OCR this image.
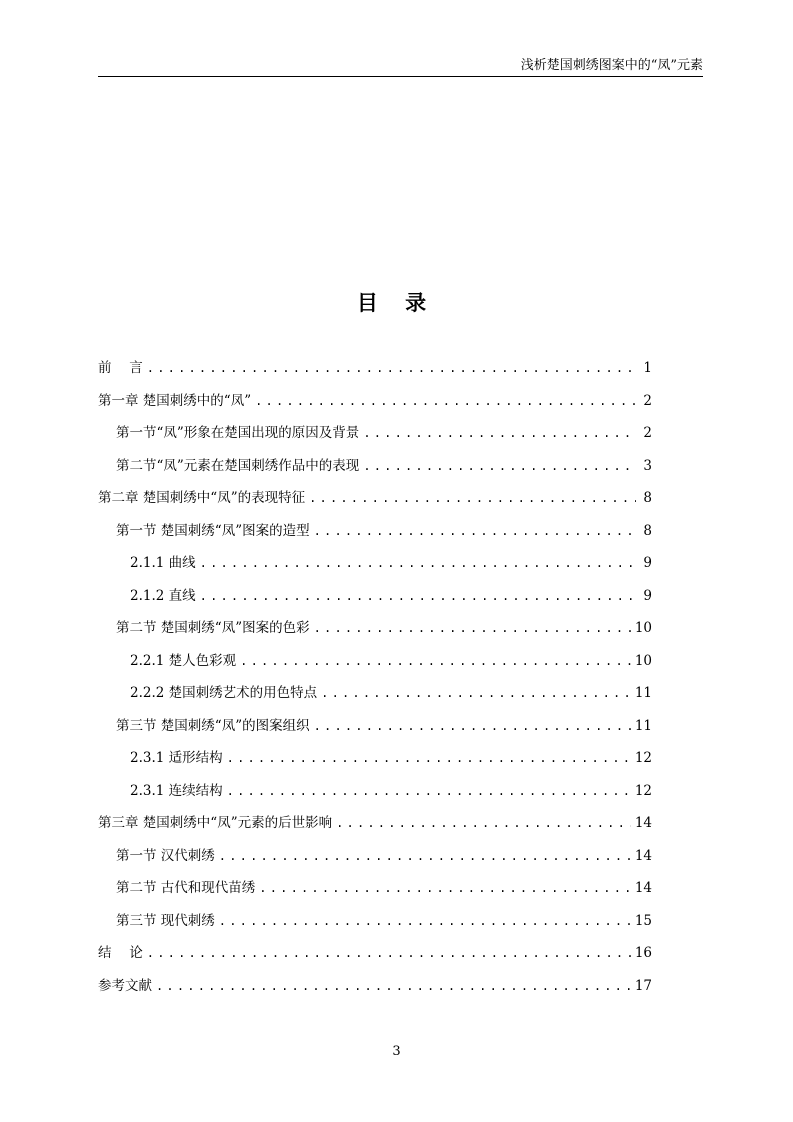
浅析楚国刺绣图案中的“凤”元素
目 录
前　 言 .....	1
第一章 楚国刺绣中的“凤” .....	2
第一节“凤”形象在楚国出现的原因及背景 .....	2
第二节“凤”元素在楚国刺绣作品中的表现 .....	3
第二章 楚国刺绣中“凤”的表现特征 .....	8
第一节 楚国刺绣“凤”图案的造型 .....	8
2.1.1 曲线 .....	9
2.1.2 直线 .....	9
第二节 楚国刺绣“凤”图案的色彩 .....	10
2.2.1 楚人色彩观 .....	10
2.2.2 楚国刺绣艺术的用色特点 .....	11
第三节 楚国刺绣“凤”的图案组织 .....	11
2.3.1 适形结构 .....	12
2.3.1 连续结构 .....	12
第三章 楚国刺绣中“凤”元素的后世影响 .....	14
第一节 汉代刺绣 .....	14
第二节 古代和现代苗绣 .....	14
第三节 现代刺绣 .....	15
结　 论 .....	16
参考文献 .....	17
3
